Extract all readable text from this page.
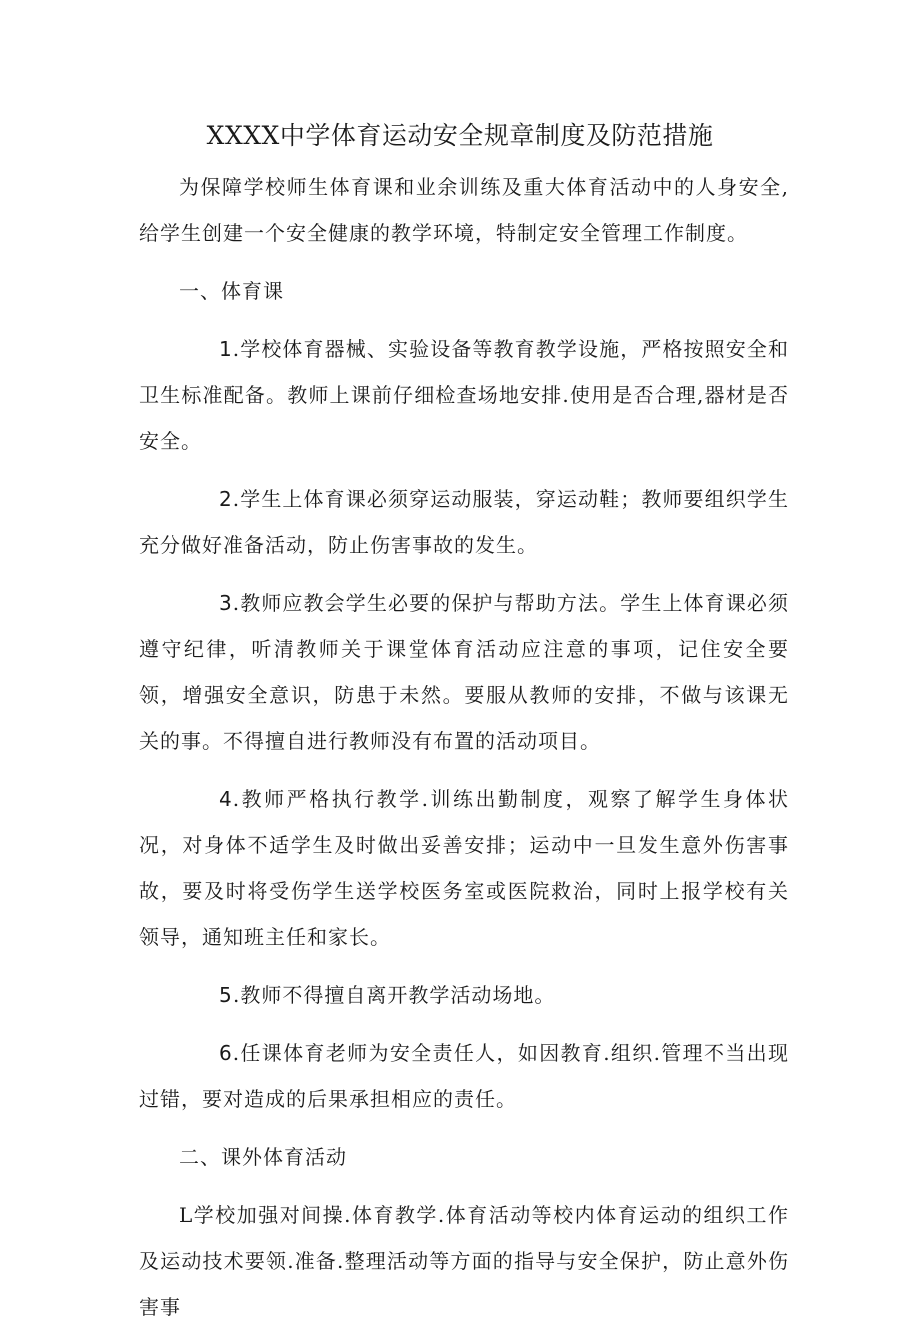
XXXX中学体育运动安全规章制度及防范措施

为保障学校师生体育课和业余训练及重大体育活动中的人身安全,给学生创建一个安全健康的教学环境，特制定安全管理工作制度。

一、体育课

1.学校体育器械、实验设备等教育教学设施，严格按照安全和卫生标准配备。教师上课前仔细检查场地安排.使用是否合理,器材是否安全。

2.学生上体育课必须穿运动服装，穿运动鞋；教师要组织学生充分做好准备活动，防止伤害事故的发生。

3.教师应教会学生必要的保护与帮助方法。学生上体育课必须遵守纪律，听清教师关于课堂体育活动应注意的事项，记住安全要领，增强安全意识，防患于未然。要服从教师的安排，不做与该课无关的事。不得擅自进行教师没有布置的活动项目。

4.教师严格执行教学.训练出勤制度，观察了解学生身体状况，对身体不适学生及时做出妥善安排；运动中一旦发生意外伤害事故，要及时将受伤学生送学校医务室或医院救治，同时上报学校有关领导，通知班主任和家长。

5.教师不得擅自离开教学活动场地。

6.任课体育老师为安全责任人，如因教育.组织.管理不当出现过错，要对造成的后果承担相应的责任。

二、课外体育活动

L学校加强对间操.体育教学.体育活动等校内体育运动的组织工作及运动技术要领.准备.整理活动等方面的指导与安全保护，防止意外伤害事
